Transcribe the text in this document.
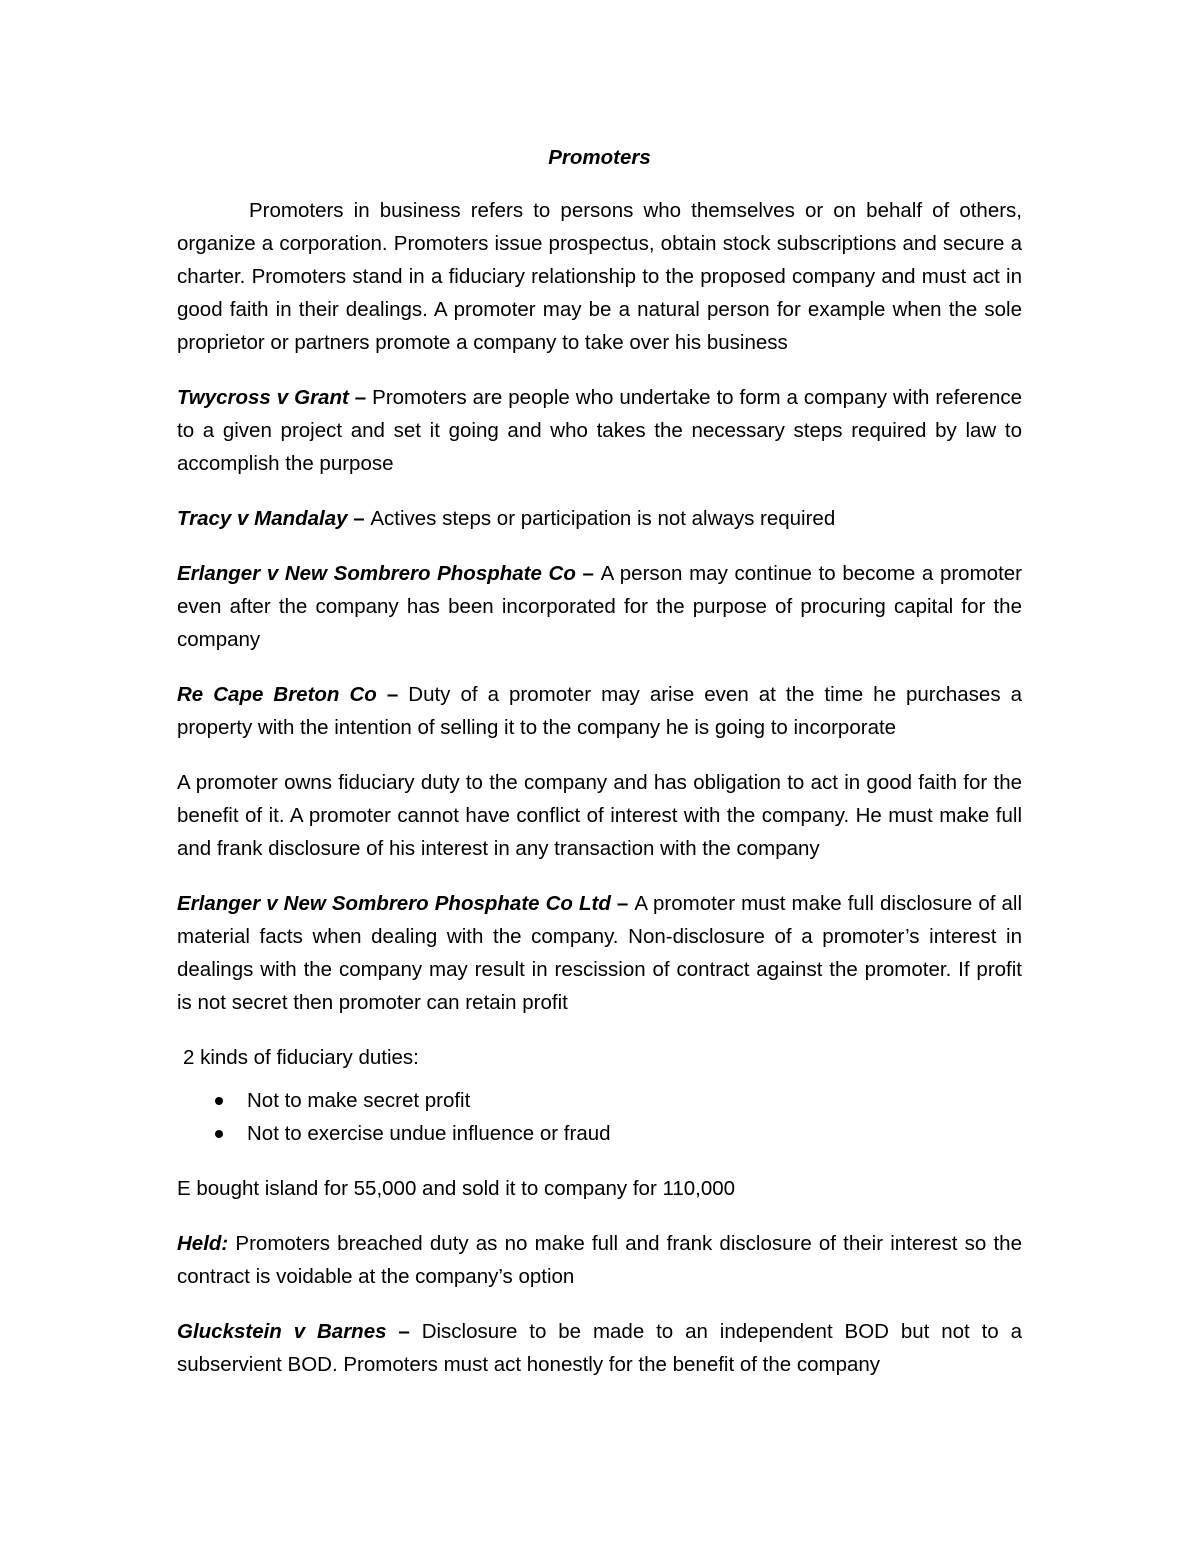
Promoters

Promoters in business refers to persons who themselves or on behalf of others, organize a corporation. Promoters issue prospectus, obtain stock subscriptions and secure a charter. Promoters stand in a fiduciary relationship to the proposed company and must act in good faith in their dealings. A promoter may be a natural person for example when the sole proprietor or partners promote a company to take over his business

Twycross v Grant – Promoters are people who undertake to form a company with reference to a given project and set it going and who takes the necessary steps required by law to accomplish the purpose

Tracy v Mandalay – Actives steps or participation is not always required

Erlanger v New Sombrero Phosphate Co – A person may continue to become a promoter even after the company has been incorporated for the purpose of procuring capital for the company

Re Cape Breton Co – Duty of a promoter may arise even at the time he purchases a property with the intention of selling it to the company he is going to incorporate

A promoter owns fiduciary duty to the company and has obligation to act in good faith for the benefit of it. A promoter cannot have conflict of interest with the company. He must make full and frank disclosure of his interest in any transaction with the company

Erlanger v New Sombrero Phosphate Co Ltd – A promoter must make full disclosure of all material facts when dealing with the company. Non-disclosure of a promoter’s interest in dealings with the company may result in rescission of contract against the promoter. If profit is not secret then promoter can retain profit

2 kinds of fiduciary duties:

Not to make secret profit
Not to exercise undue influence or fraud

E bought island for 55,000 and sold it to company for 110,000

Held: Promoters breached duty as no make full and frank disclosure of their interest so the contract is voidable at the company’s option

Gluckstein v Barnes – Disclosure to be made to an independent BOD but not to a subservient BOD. Promoters must act honestly for the benefit of the company
